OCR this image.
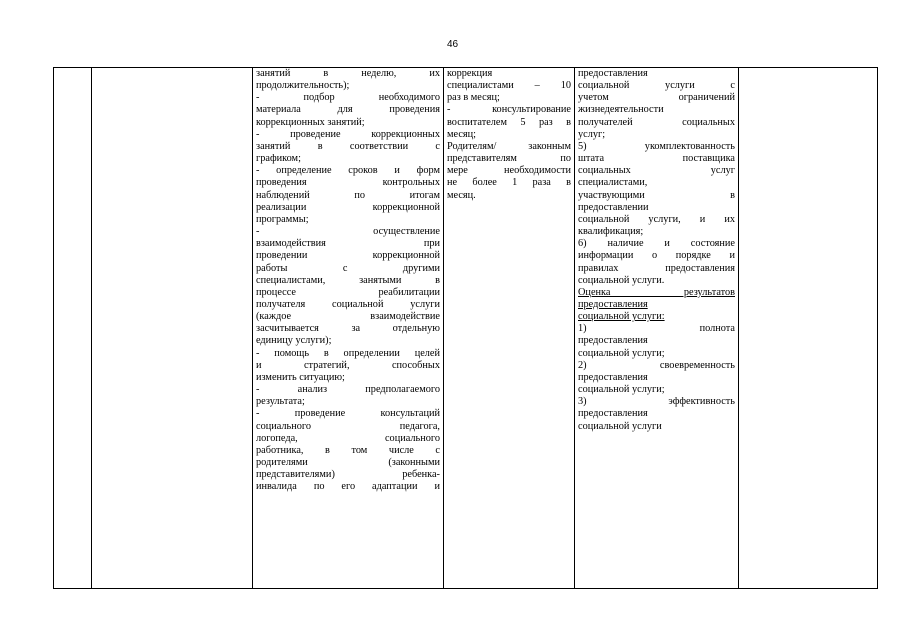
46

занятий в неделю, их
продолжительность);
- подбор необходимого
материала для проведения
коррекционных занятий;
- проведение коррекционных
занятий в соответствии с
графиком;
- определение сроков и форм
проведения контрольных
наблюдений по итогам
реализации коррекционной
программы;
- осуществление
взаимодействия при
проведении коррекционной
работы с другими
специалистами, занятыми в
процессе реабилитации
получателя социальной услуги
(каждое взаимодействие
засчитывается за отдельную
единицу услуги);
- помощь в определении целей
и стратегий, способных
изменить ситуацию;
- анализ предполагаемого
результата;
- проведение консультаций
социального педагога,
логопеда, социального
работника, в том числе с
родителями (законными
представителями) ребенка-
инвалида по его адаптации и

коррекция
специалистами – 10
раз в месяц;
- консультирование
воспитателем 5 раз в
месяц;
Родителям/ законным
представителям по
мере необходимости
не более 1 раза в
месяц.

предоставления
социальной услуги с
учетом ограничений
жизнедеятельности
получателей социальных
услуг;
5) укомплектованность
штата поставщика
социальных услуг
специалистами,
участвующими в
предоставлении
социальной услуги, и их
квалификация;
6) наличие и состояние
информации о порядке и
правилах предоставления
социальной услуги.
Оценка результатов
предоставления
социальной услуги:
1) полнота
предоставления
социальной услуги;
2) своевременность
предоставления
социальной услуги;
3) эффективность
предоставления
социальной услуги
